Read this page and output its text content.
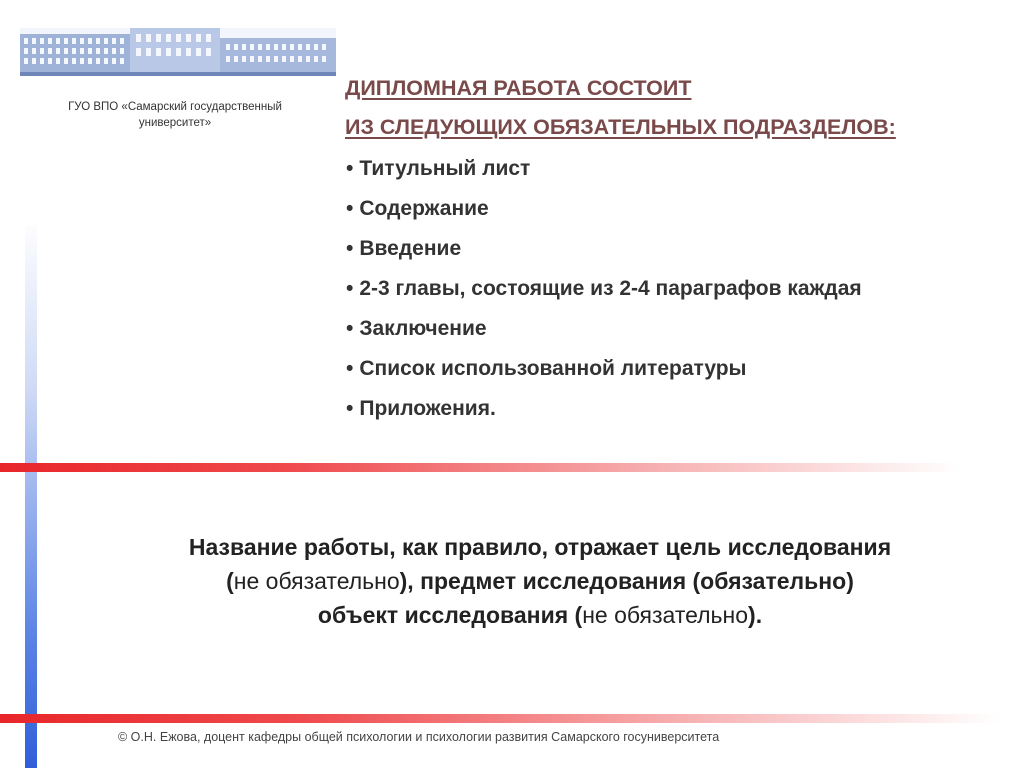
ГУО ВПО «Самарский государственный университет»
ДИПЛОМНАЯ РАБОТА СОСТОИТ
ИЗ СЛЕДУЮЩИХ ОБЯЗАТЕЛЬНЫХ ПОДРАЗДЕЛОВ:
• Титульный лист
• Содержание
• Введение
• 2-3 главы, состоящие из 2-4 параграфов каждая
• Заключение
• Список использованной литературы
• Приложения.
Название работы, как правило, отражает цель исследования
(не обязательно), предмет исследования (обязательно)
объект исследования (не обязательно).
© О.Н. Ежова, доцент кафедры общей психологии и психологии развития Самарского госуниверситета
